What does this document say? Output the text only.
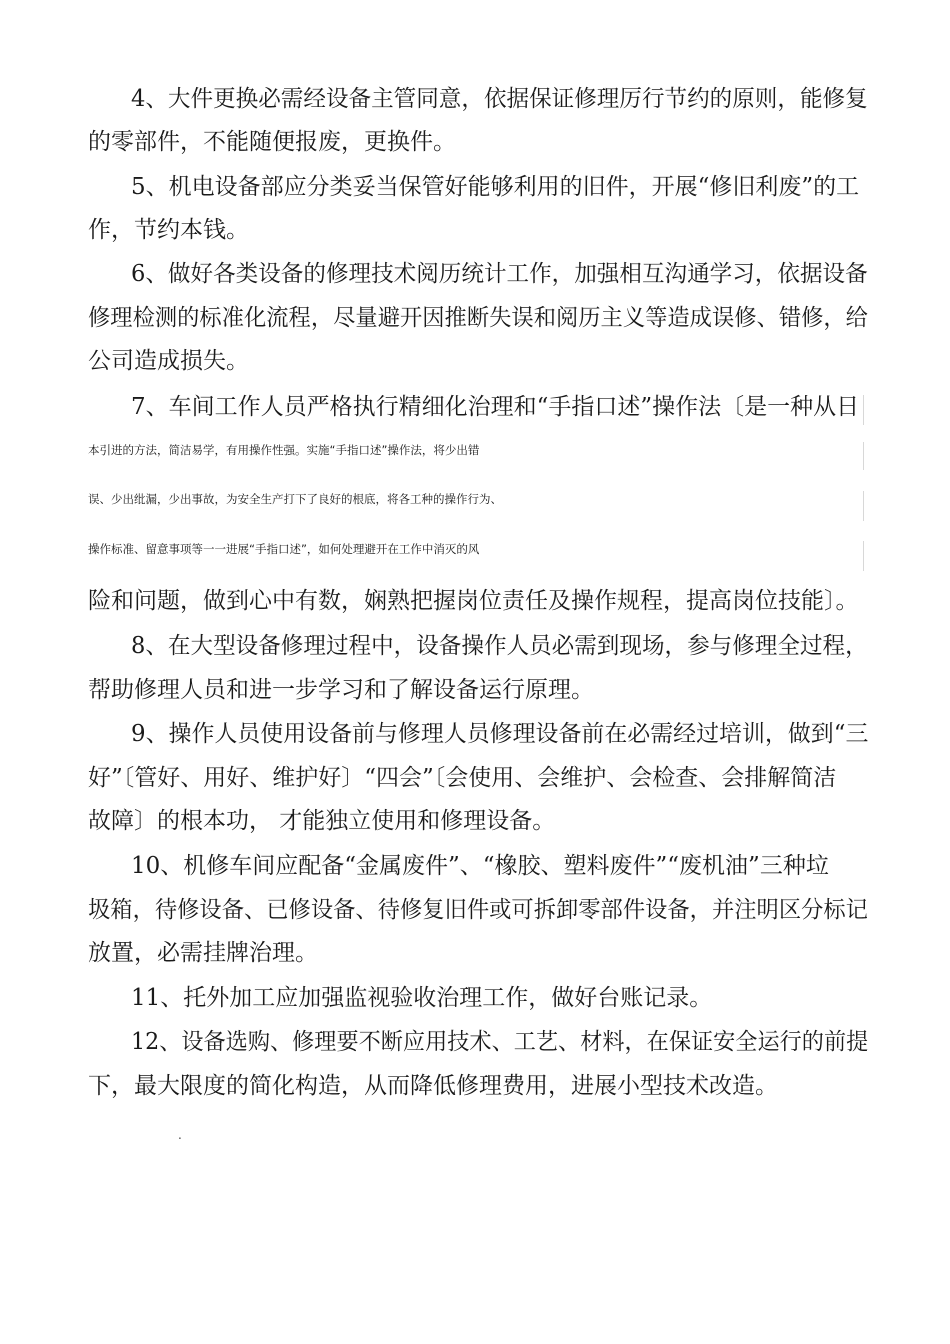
4、大件更换必需经设备主管同意，依据保证修理厉行节约的原则，能修复
的零部件，不能随便报废，更换件。
5、机电设备部应分类妥当保管好能够利用的旧件，开展“修旧利废”的工
作，节约本钱。
6、做好各类设备的修理技术阅历统计工作，加强相互沟通学习，依据设备
修理检测的标准化流程，尽量避开因推断失误和阅历主义等造成误修、错修，给
公司造成损失。
7、车间工作人员严格执行精细化治理和“手指口述”操作法〔是一种从日
本引进的方法，简洁易学，有用操作性强。实施“手指口述”操作法，将少出错
误、少出纰漏，少出事故，为安全生产打下了良好的根底，将各工种的操作行为、
操作标准、留意事项等一一进展“手指口述”，如何处理避开在工作中消灭的风
险和问题，做到心中有数，娴熟把握岗位责任及操作规程，提高岗位技能〕。
8、在大型设备修理过程中，设备操作人员必需到现场，参与修理全过程，
帮助修理人员和进一步学习和了解设备运行原理。
9、操作人员使用设备前与修理人员修理设备前在必需经过培训，做到“三
好”〔管好、用好、维护好〕“四会”〔会使用、会维护、会检查、会排解简洁
故障〕的根本功， 才能独立使用和修理设备。
10、机修车间应配备“金属废件”、“橡胶、塑料废件”“废机油”三种垃
圾箱，待修设备、已修设备、待修复旧件或可拆卸零部件设备，并注明区分标记
放置，必需挂牌治理。
11、托外加工应加强监视验收治理工作，做好台账记录。
12、设备选购、修理要不断应用技术、工艺、材料，在保证安全运行的前提
下，最大限度的简化构造，从而降低修理费用，进展小型技术改造。
.
